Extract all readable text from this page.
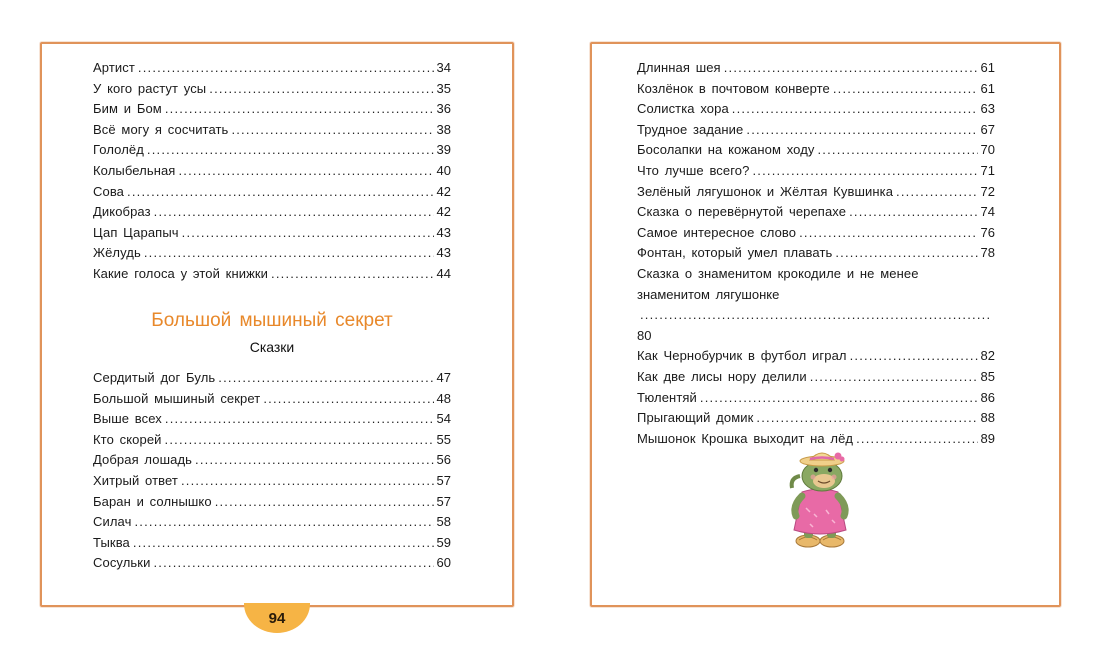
Артист .....	34
У кого растут усы .....	35
Бим и Бом .....	36
Всё могу я сосчитать .....	38
Гололёд .....	39
Колыбельная .....	40
Сова .....	42
Дикобраз .....	42
Цап Царапыч .....	43
Жёлудь .....	43
Какие голоса у этой книжки .....	44
Большой мышиный секрет
Сказки
Сердитый дог Буль .....	47
Большой мышиный секрет .....	48
Выше всех .....	54
Кто скорей .....	55
Добрая лошадь .....	56
Хитрый ответ .....	57
Баран и солнышко .....	57
Силач .....	58
Тыква .....	59
Сосульки .....	60
Длинная шея .....	61
Козлёнок в почтовом конверте .....	61
Солистка хора .....	63
Трудное задание .....	67
Босолапки на кожаном ходу .....	70
Что лучше всего? .....	71
Зелёный лягушонок и Жёлтая Кувшинка .....	72
Сказка о перевёрнутой черепахе .....	74
Самое интересное слово .....	76
Фонтан, который умел плавать .....	78
Сказка о знаменитом крокодиле и не менее
знаменитом лягушонке
.....
80
Как Чернобурчик в футбол играл .....	82
Как две лисы нору делили .....	85
Тюлентяй .....	86
Прыгающий домик .....	88
Мышонок Крошка выходит на лёд .....	89
94
